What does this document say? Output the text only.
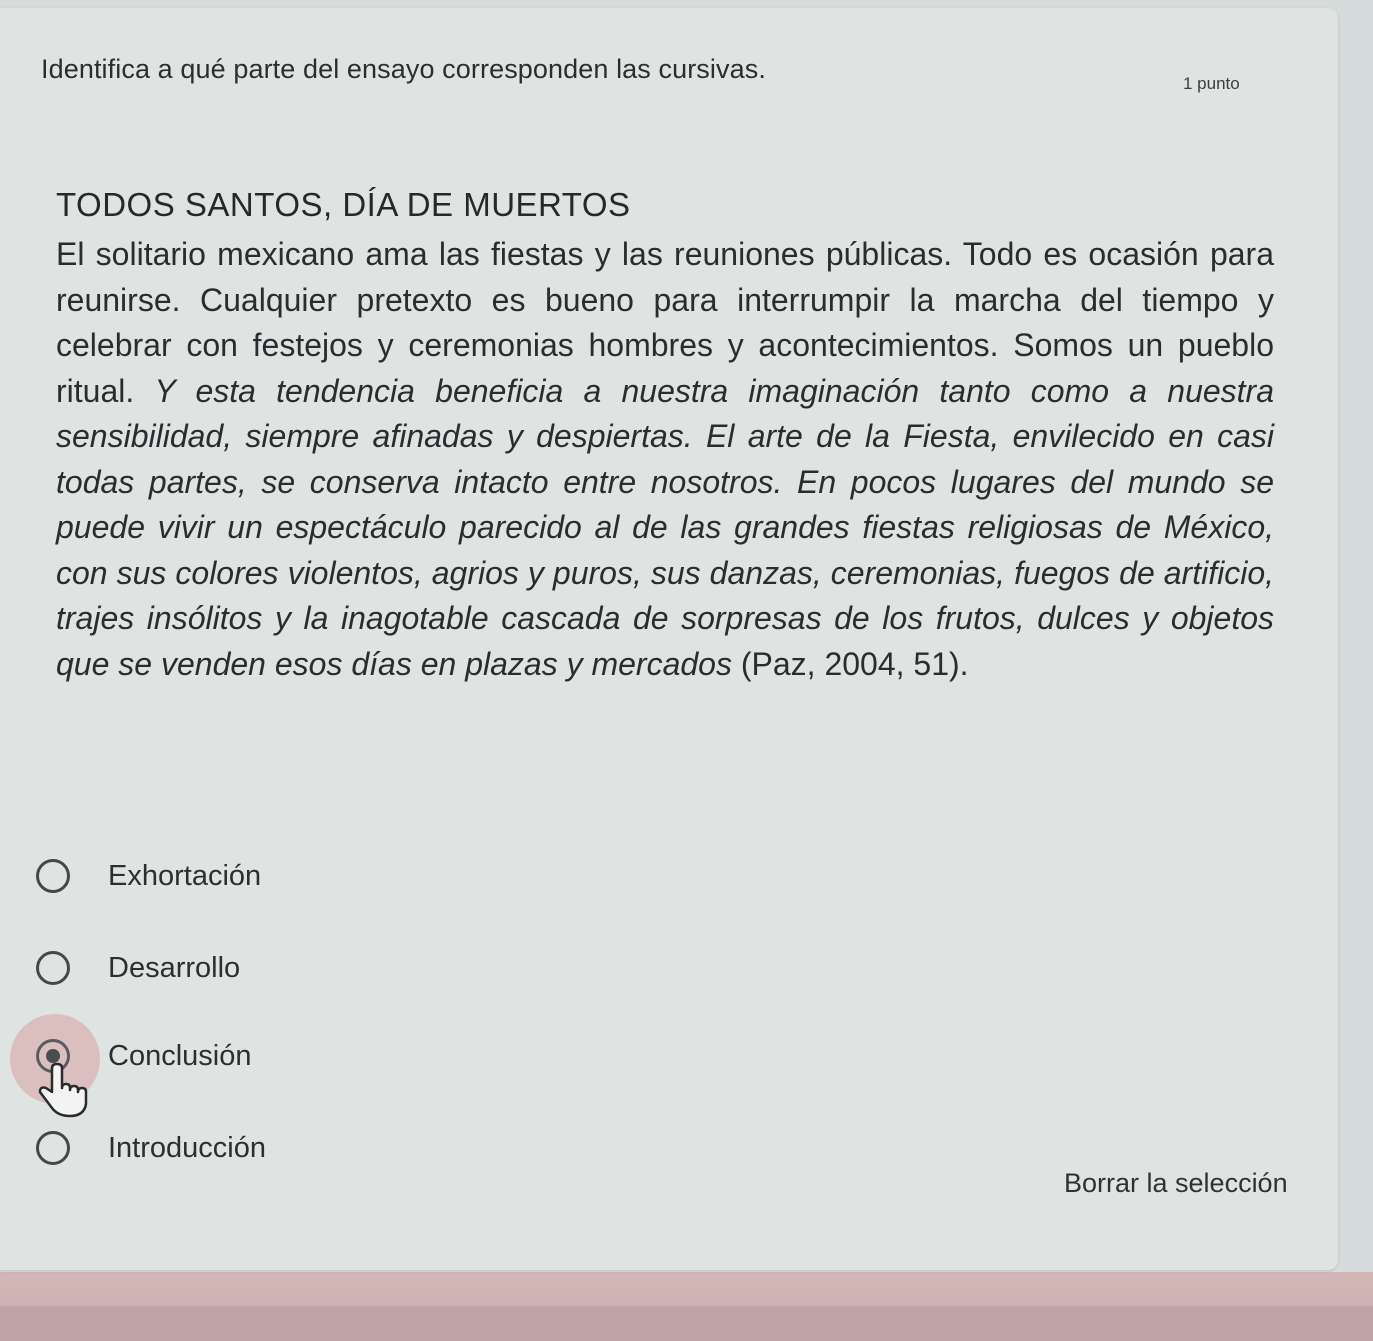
Identifica a qué parte del ensayo corresponden las cursivas.	1 punto
TODOS SANTOS, DÍA DE MUERTOS
El solitario mexicano ama las fiestas y las reuniones públicas. Todo es ocasión para reunirse. Cualquier pretexto es bueno para interrumpir la marcha del tiempo y celebrar con festejos y ceremonias hombres y acontecimientos. Somos un pueblo ritual. Y esta tendencia beneficia a nuestra imaginación tanto como a nuestra sensibilidad, siempre afinadas y despiertas. El arte de la Fiesta, envilecido en casi todas partes, se conserva intacto entre nosotros. En pocos lugares del mundo se puede vivir un espectáculo parecido al de las grandes fiestas religiosas de México, con sus colores violentos, agrios y puros, sus danzas, ceremonias, fuegos de artificio, trajes insólitos y la inagotable cascada de sorpresas de los frutos, dulces y objetos que se venden esos días en plazas y mercados (Paz, 2004, 51).
Exhortación
Desarrollo
Conclusión
Introducción
Borrar la selección
